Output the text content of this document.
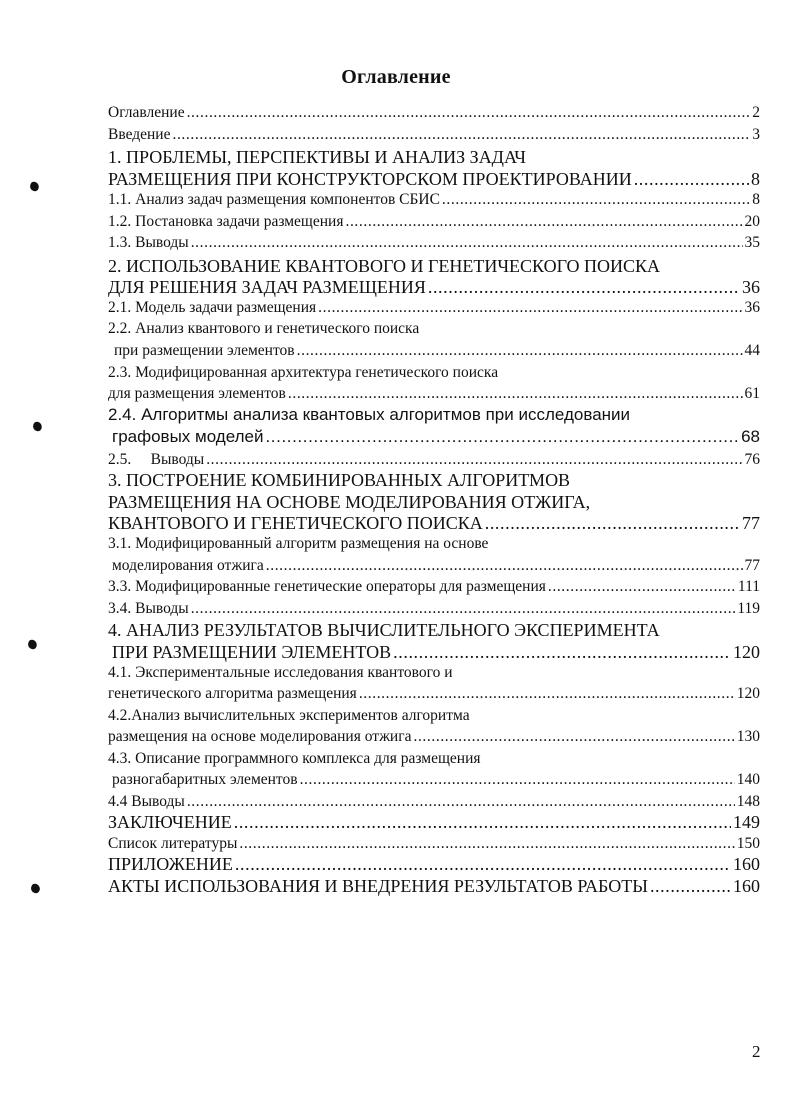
Оглавление
Оглавление .....	2
Введение .....	3
1. ПРОБЛЕМЫ, ПЕРСПЕКТИВЫ И АНАЛИЗ ЗАДАЧ
РАЗМЕЩЕНИЯ ПРИ КОНСТРУКТОРСКОМ ПРОЕКТИРОВАНИИ .....	8
1.1. Анализ задач размещения компонентов СБИС .....	8
1.2. Постановка задачи размещения .....	20
1.3. Выводы .....	35
2. ИСПОЛЬЗОВАНИЕ КВАНТОВОГО И ГЕНЕТИЧЕСКОГО ПОИСКА
ДЛЯ РЕШЕНИЯ ЗАДАЧ РАЗМЕЩЕНИЯ .....	36
2.1. Модель задачи размещения .....	36
2.2. Анализ квантового и генетического поиска
при размещении элементов .....	44
2.3. Модифицированная архитектура генетического поиска
для размещения элементов .....	61
2.4. Алгоритмы анализа квантовых алгоритмов при исследовании
графовых моделей .....	68
2.5.     Выводы .....	76
3. ПОСТРОЕНИЕ КОМБИНИРОВАННЫХ АЛГОРИТМОВ
РАЗМЕЩЕНИЯ НА ОСНОВЕ МОДЕЛИРОВАНИЯ ОТЖИГА,
КВАНТОВОГО И ГЕНЕТИЧЕСКОГО ПОИСКА .....	77
3.1. Модифицированный алгоритм размещения на основе
моделирования отжига .....	77
3.3. Модифицированные генетические операторы для размещения .....	111
3.4. Выводы .....	119
4. АНАЛИЗ РЕЗУЛЬТАТОВ ВЫЧИСЛИТЕЛЬНОГО ЭКСПЕРИМЕНТА
ПРИ РАЗМЕЩЕНИИ ЭЛЕМЕНТОВ .....	120
4.1. Экспериментальные исследования квантового и
генетического алгоритма размещения .....	120
4.2.Анализ вычислительных экспериментов алгоритма
размещения на основе моделирования отжига .....	130
4.3. Описание программного комплекса для размещения
разногабаритных элементов .....	140
4.4 Выводы .....	148
ЗАКЛЮЧЕНИЕ .....	149
Список литературы .....	150
ПРИЛОЖЕНИЕ .....	160
АКТЫ ИСПОЛЬЗОВАНИЯ И ВНЕДРЕНИЯ РЕЗУЛЬТАТОВ РАБОТЫ .....	160
2
